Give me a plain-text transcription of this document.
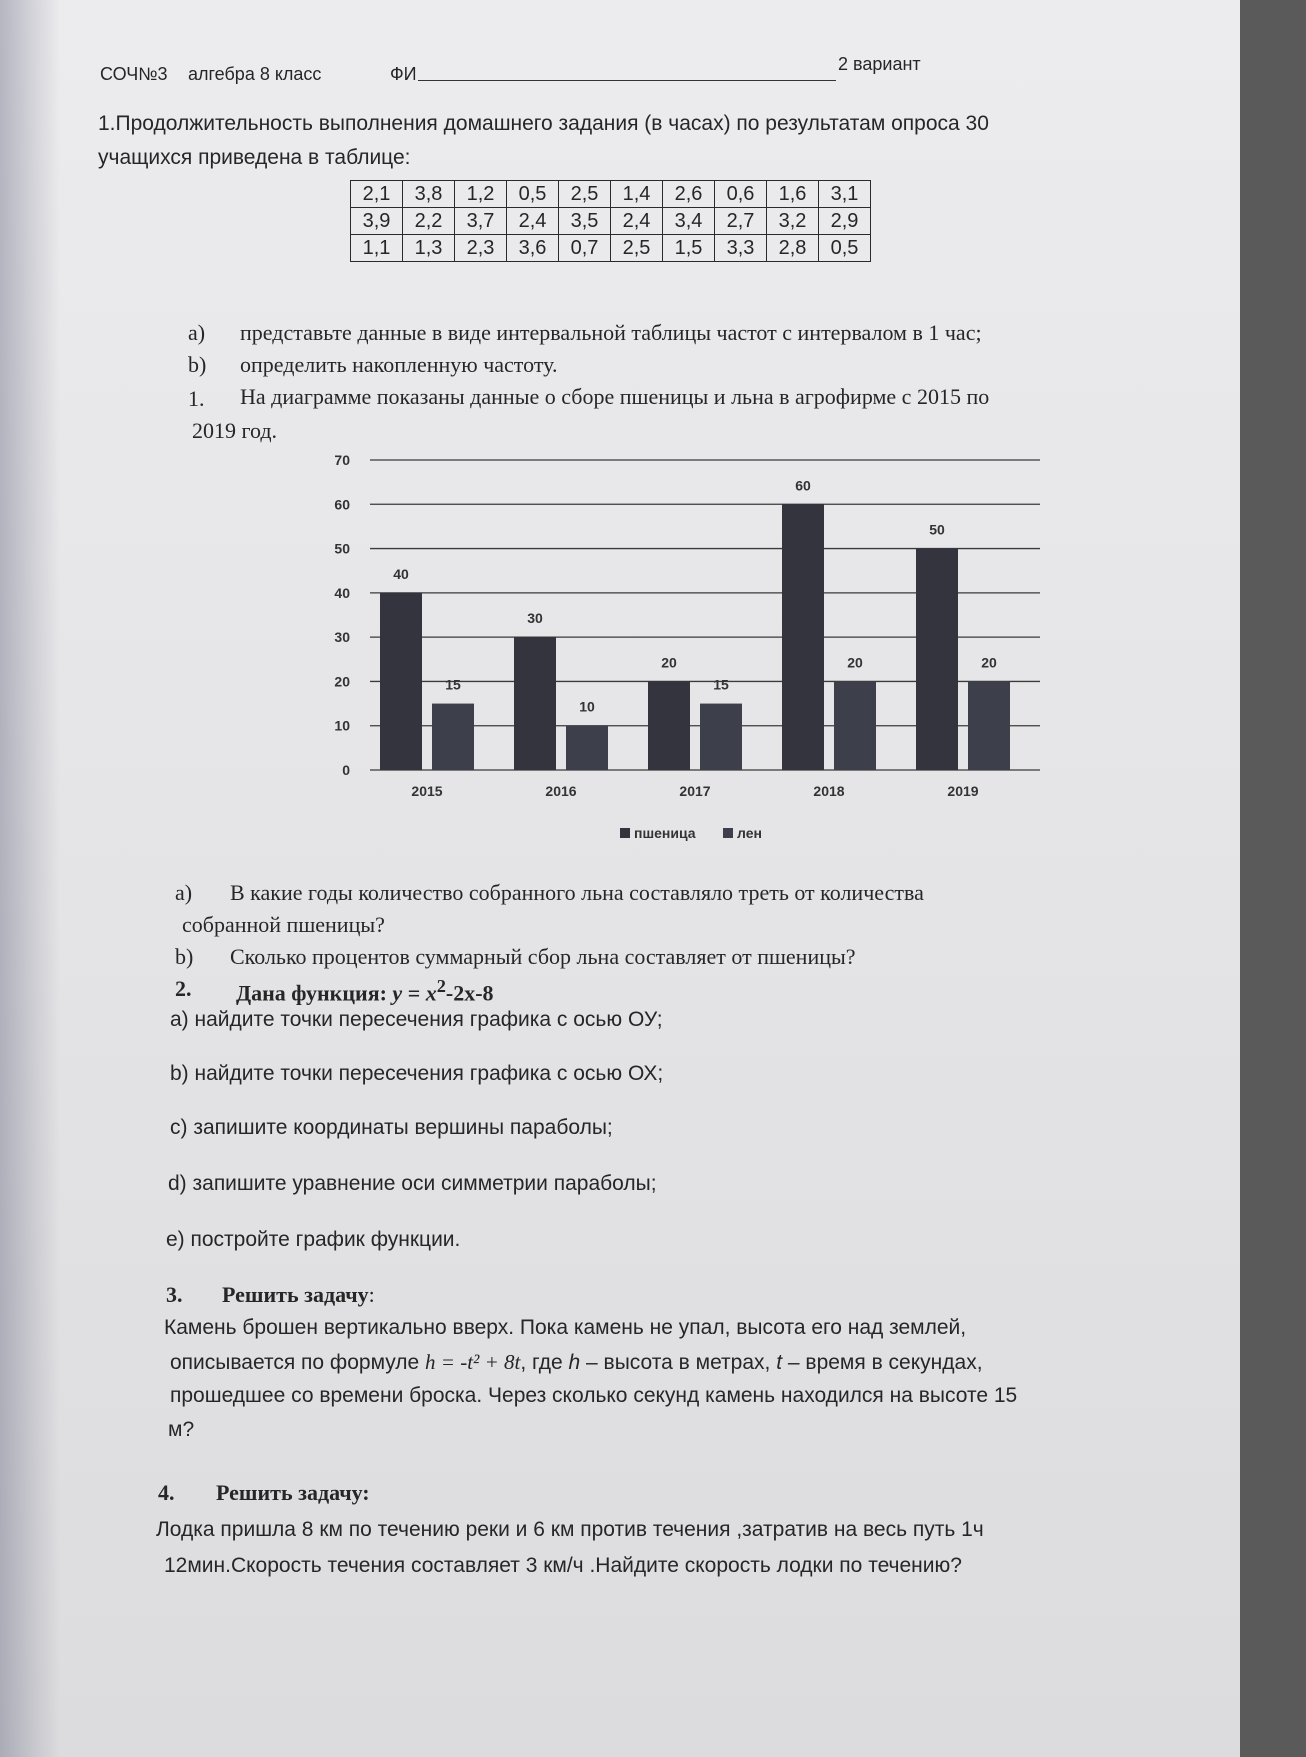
СОЧ№3 алгебра 8 класс	ФИ	2 вариант
1.Продолжительность выполнения домашнего задания (в часах) по результатам опроса 30
учащихся приведена в таблице:
2,1	3,8	1,2	0,5	2,5	1,4	2,6	0,6	1,6	3,1
3,9	2,2	3,7	2,4	3,5	2,4	3,4	2,7	3,2	2,9
1,1	1,3	2,3	3,6	0,7	2,5	1,5	3,3	2,8	0,5
a) представьте данные в виде интервальной таблицы частот с интервалом в 1 час;
b) определить накопленную частоту.
1. На диаграмме показаны данные о сборе пшеницы и льна в агрофирме с 2015 по
2019 год.
0
10
20
30
40
50
60
70
40
15
2015
30
10
2016
20
15
2017
60
20
2018
50
20
2019
пшеница	лен
a) В какие годы количество собранного льна составляло треть от количества
собранной пшеницы?
b) Сколько процентов суммарный сбор льна составляет от пшеницы?
2. Дана функция: $y = x^2-2x-8$
a) найдите точки пересечения графика с осью ОУ;
b) найдите точки пересечения графика с осью ОХ;
c) запишите координаты вершины параболы;
d) запишите уравнение оси симметрии параболы;
e) постройте график функции.
3. Решить задачу:
Камень брошен вертикально вверх. Пока камень не упал, высота его над землей,
описывается по формуле h = -t² + 8t, где h – высота в метрах, t – время в секундах,
прошедшее со времени броска. Через сколько секунд камень находился на высоте 15
м?
4. Решить задачу:
Лодка пришла 8 км по течению реки и 6 км против течения ,затратив на весь путь 1ч
12мин.Скорость течения составляет 3 км/ч .Найдите скорость лодки по течению?
